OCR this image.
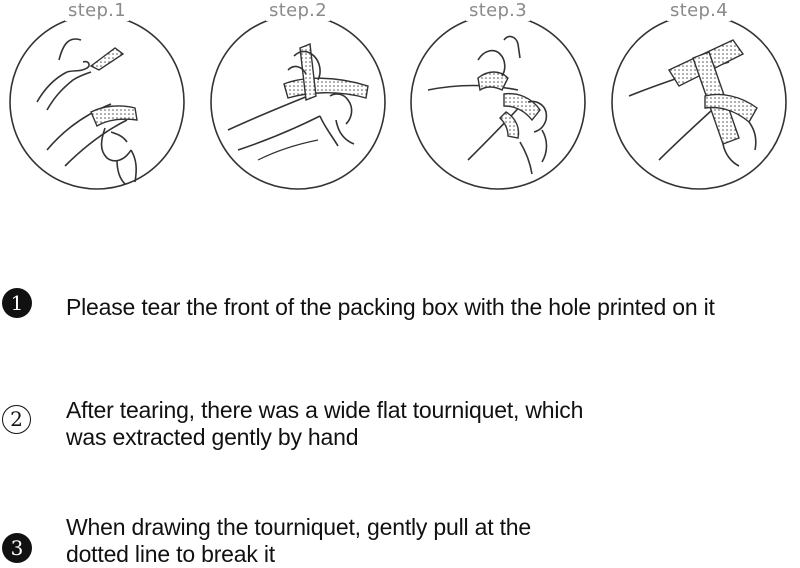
step.1	step.2	step.3	step.4
1	Please tear the front of the packing box with the hole printed on it
2	After tearing, there was a wide flat tourniquet, which
was extracted gently by hand
3
When drawing the tourniquet, gently pull at the
dotted line to break it
